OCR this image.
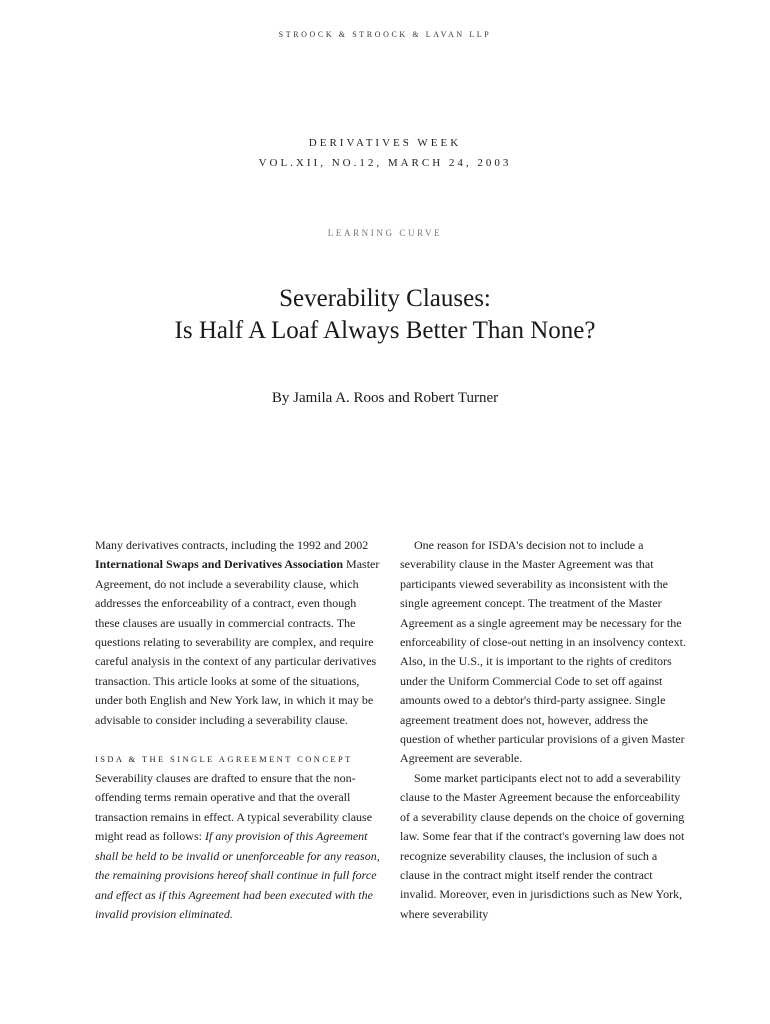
STROOCK & STROOCK & LAVAN LLP
DERIVATIVES WEEK
VOL.XII, NO.12, MARCH 24, 2003
LEARNING CURVE
Severability Clauses:
Is Half A Loaf Always Better Than None?
By Jamila A. Roos and Robert Turner

Many derivatives contracts, including the 1992 and 2002 International Swaps and Derivatives Association Master Agreement, do not include a severability clause, which addresses the enforceability of a contract, even though these clauses are usually in commercial contracts. The questions relating to severability are complex, and require careful analysis in the context of any particular derivatives transaction. This article looks at some of the situations, under both English and New York law, in which it may be advisable to consider including a severability clause.

ISDA & THE SINGLE AGREEMENT CONCEPT

Severability clauses are drafted to ensure that the non-offending terms remain operative and that the overall transaction remains in effect. A typical severability clause might read as follows: If any provision of this Agreement shall be held to be invalid or unenforceable for any reason, the remaining provisions hereof shall continue in full force and effect as if this Agreement had been executed with the invalid provision eliminated.

One reason for ISDA's decision not to include a severability clause in the Master Agreement was that participants viewed severability as inconsistent with the single agreement concept. The treatment of the Master Agreement as a single agreement may be necessary for the enforceability of close-out netting in an insolvency context. Also, in the U.S., it is important to the rights of creditors under the Uniform Commercial Code to set off against amounts owed to a debtor's third-party assignee. Single agreement treatment does not, however, address the question of whether particular provisions of a given Master Agreement are severable.

Some market participants elect not to add a severability clause to the Master Agreement because the enforceability of a severability clause depends on the choice of governing law. Some fear that if the contract's governing law does not recognize severability clauses, the inclusion of such a clause in the contract might itself render the contract invalid. Moreover, even in jurisdictions such as New York, where severability
